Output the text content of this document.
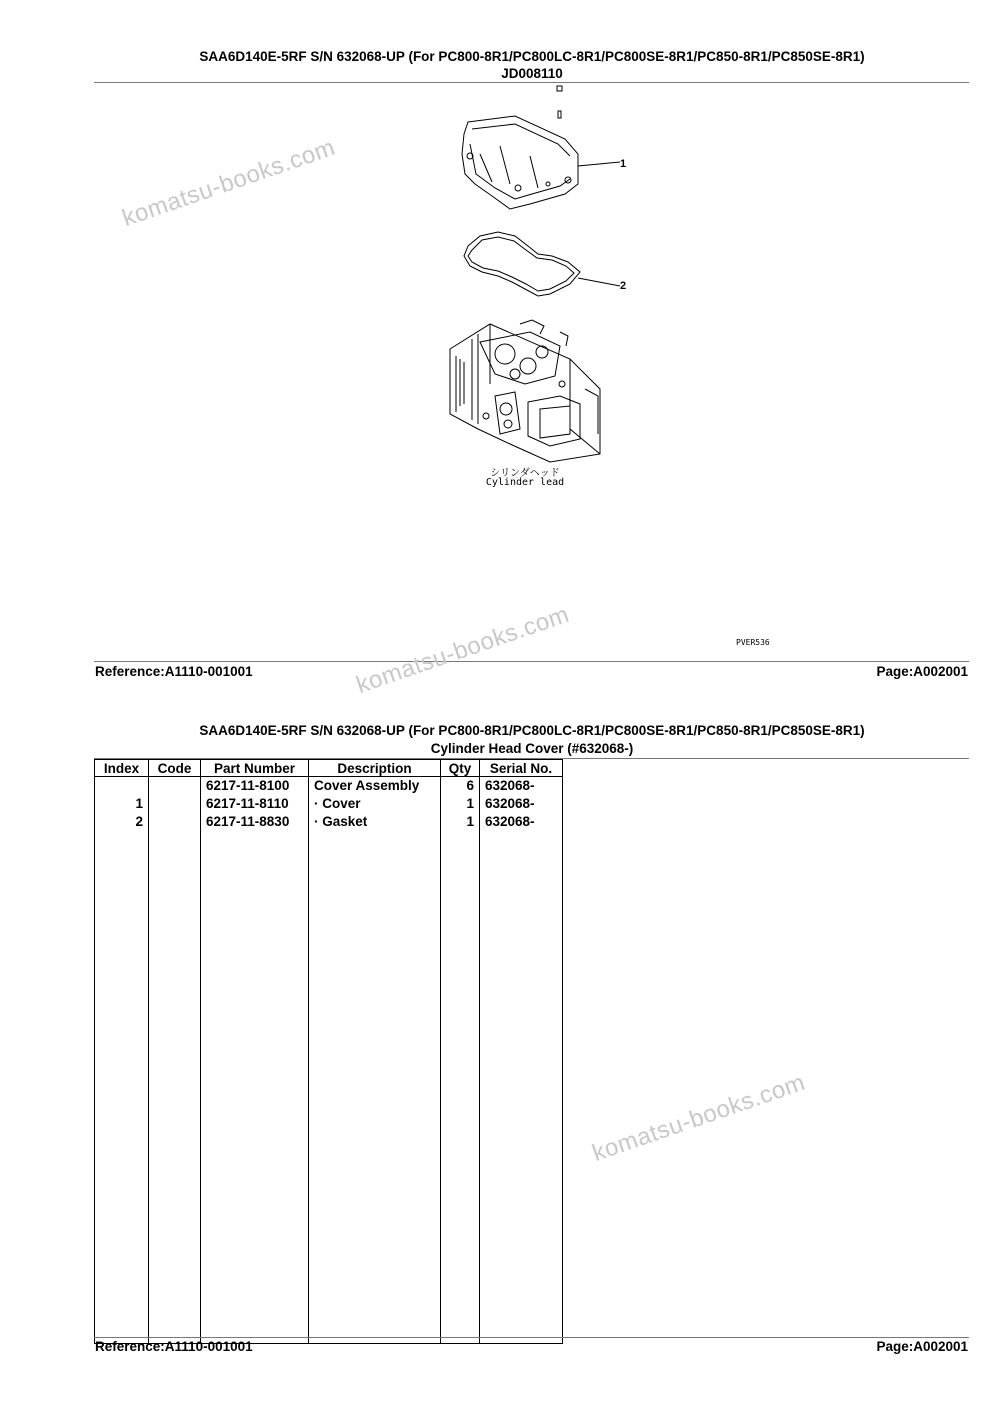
SAA6D140E-5RF S/N 632068-UP (For PC800-8R1/PC800LC-8R1/PC800SE-8R1/PC850-8R1/PC850SE-8R1)
JD008110
1
2
シリンダヘッド
Cylinder lead
PVER536
Reference:A1110-001001	Page:A002001
SAA6D140E-5RF S/N 632068-UP (For PC800-8R1/PC800LC-8R1/PC800SE-8R1/PC850-8R1/PC850SE-8R1)
Cylinder Head Cover (#632068-)
Index	Code	Part Number	Description	Qty	Serial No.
		6217-11-8100	Cover Assembly	6	632068-
1		6217-11-8110	· Cover	1	632068-
2		6217-11-8830	· Gasket	1	632068-

Reference:A1110-001001	Page:A002001
komatsu-books.com
komatsu-books.com
komatsu-books.com
